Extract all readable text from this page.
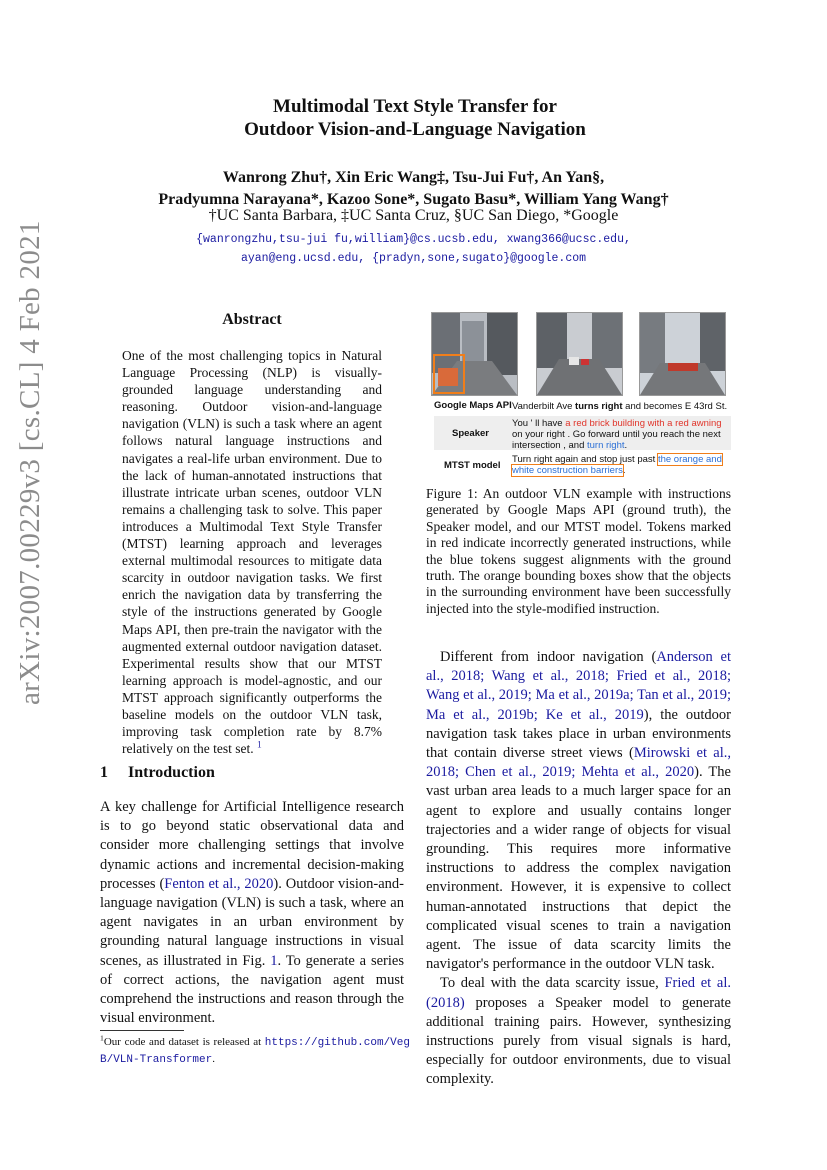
arXiv:2007.00229v3 [cs.CL] 4 Feb 2021
Multimodal Text Style Transfer for
Outdoor Vision-and-Language Navigation
Wanrong Zhu†, Xin Eric Wang‡, Tsu-Jui Fu†, An Yan§,
Pradyumna Narayana*, Kazoo Sone*, Sugato Basu*, William Yang Wang†
†UC Santa Barbara, ‡UC Santa Cruz, §UC San Diego, *Google
{wanrongzhu,tsu-jui fu,william}@cs.ucsb.edu, xwang366@ucsc.edu,
ayan@eng.ucsd.edu, {pradyn,sone,sugato}@google.com
Abstract
One of the most challenging topics in Natural Language Processing (NLP) is visually-grounded language understanding and reasoning. Outdoor vision-and-language navigation (VLN) is such a task where an agent follows natural language instructions and navigates a real-life urban environment. Due to the lack of human-annotated instructions that illustrate intricate urban scenes, outdoor VLN remains a challenging task to solve. This paper introduces a Multimodal Text Style Transfer (MTST) learning approach and leverages external multimodal resources to mitigate data scarcity in outdoor navigation tasks. We first enrich the navigation data by transferring the style of the instructions generated by Google Maps API, then pre-train the navigator with the augmented external outdoor navigation dataset. Experimental results show that our MTST learning approach is model-agnostic, and our MTST approach significantly outperforms the baseline models on the outdoor VLN task, improving task completion rate by 8.7% relatively on the test set. $^1$
1 Introduction
A key challenge for Artificial Intelligence research is to go beyond static observational data and consider more challenging settings that involve dynamic actions and incremental decision-making processes (Fenton et al., 2020). Outdoor vision-and-language navigation (VLN) is such a task, where an agent navigates in an urban environment by grounding natural language instructions in visual scenes, as illustrated in Fig. 1. To generate a series of correct actions, the navigation agent must comprehend the instructions and reason through the visual environment.
$^1$Our code and dataset is released at https://github.com/VegB/VLN-Transformer.
Google Maps API Vanderbilt Ave turns right and becomes E 43rd St.
Speaker
You ' ll have a red brick building with a red awning on your right . Go forward until you reach the next intersection , and turn right.
MTST model
Turn right again and stop just past the orange and white construction barriers.
Figure 1: An outdoor VLN example with instructions generated by Google Maps API (ground truth), the Speaker model, and our MTST model. Tokens marked in red indicate incorrectly generated instructions, while the blue tokens suggest alignments with the ground truth. The orange bounding boxes show that the objects in the surrounding environment have been successfully injected into the style-modified instruction.

Different from indoor navigation (Anderson et al., 2018; Wang et al., 2018; Fried et al., 2018; Wang et al., 2019; Ma et al., 2019a; Tan et al., 2019; Ma et al., 2019b; Ke et al., 2019), the outdoor navigation task takes place in urban environments that contain diverse street views (Mirowski et al., 2018; Chen et al., 2019; Mehta et al., 2020). The vast urban area leads to a much larger space for an agent to explore and usually contains longer trajectories and a wider range of objects for visual grounding. This requires more informative instructions to address the complex navigation environment. However, it is expensive to collect human-annotated instructions that depict the complicated visual scenes to train a navigation agent. The issue of data scarcity limits the navigator's performance in the outdoor VLN task.

To deal with the data scarcity issue, Fried et al. (2018) proposes a Speaker model to generate additional training pairs. However, synthesizing instructions purely from visual signals is hard, especially for outdoor environments, due to visual complexity.
